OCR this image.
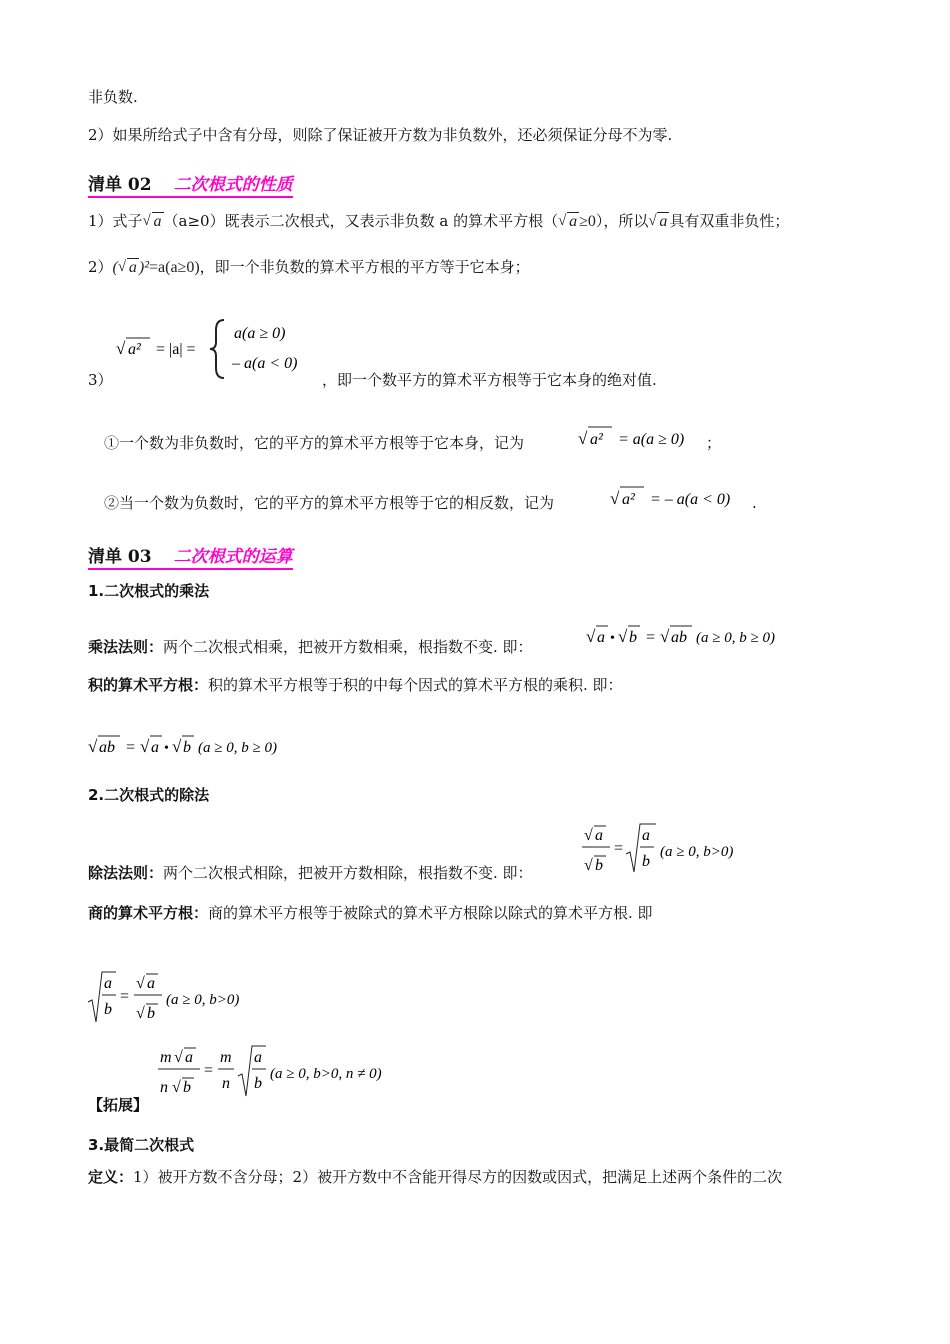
非负数.
2）如果所给式子中含有分母，则除了保证被开方数为非负数外，还必须保证分母不为零.
清单 02 二次根式的性质
1）式子 √ a （a≥0）既表示二次根式，又表示非负数 a 的算术平方根（ √ a ≥0），所以 √ a 具有双重非负性；
2）( √ a )²=a(a≥0)，即一个非负数的算术平方根的平方等于它本身；
√ a² = |a| =
a(a ≥ 0)
– a(a < 0)
3）	，即一个数平方的算术平方根等于它本身的绝对值.
①一个数为非负数时，它的平方的算术平方根等于它本身，记为	√ a² = a(a ≥ 0) ；
②当一个数为负数时，它的平方的算术平方根等于它的相反数，记为	√ a² = – a(a < 0) .
清单 03 二次根式的运算
1.二次根式的乘法
乘法法则：两个二次根式相乘，把被开方数相乘，根指数不变. 即：
√ a • √ b = √ ab (a ≥ 0, b ≥ 0)
积的算术平方根：积的算术平方根等于积的中每个因式的算术平方根的乘积. 即：
√ ab = √ a • √ b (a ≥ 0, b ≥ 0)
2.二次根式的除法
√ a
√ b
=
a
b
(a ≥ 0, b>0)
除法法则：两个二次根式相除，把被开方数相除，根指数不变. 即：
商的算术平方根：商的算术平方根等于被除式的算术平方根除以除式的算术平方根. 即
a
b
=
√ a
√ b
(a ≥ 0, b>0)
m √ a
n √ b
=
m
n
a
b
(a ≥ 0, b>0, n ≠ 0)
【拓展】
3.最简二次根式
定义：1）被开方数不含分母；2）被开方数中不含能开得尽方的因数或因式，把满足上述两个条件的二次
